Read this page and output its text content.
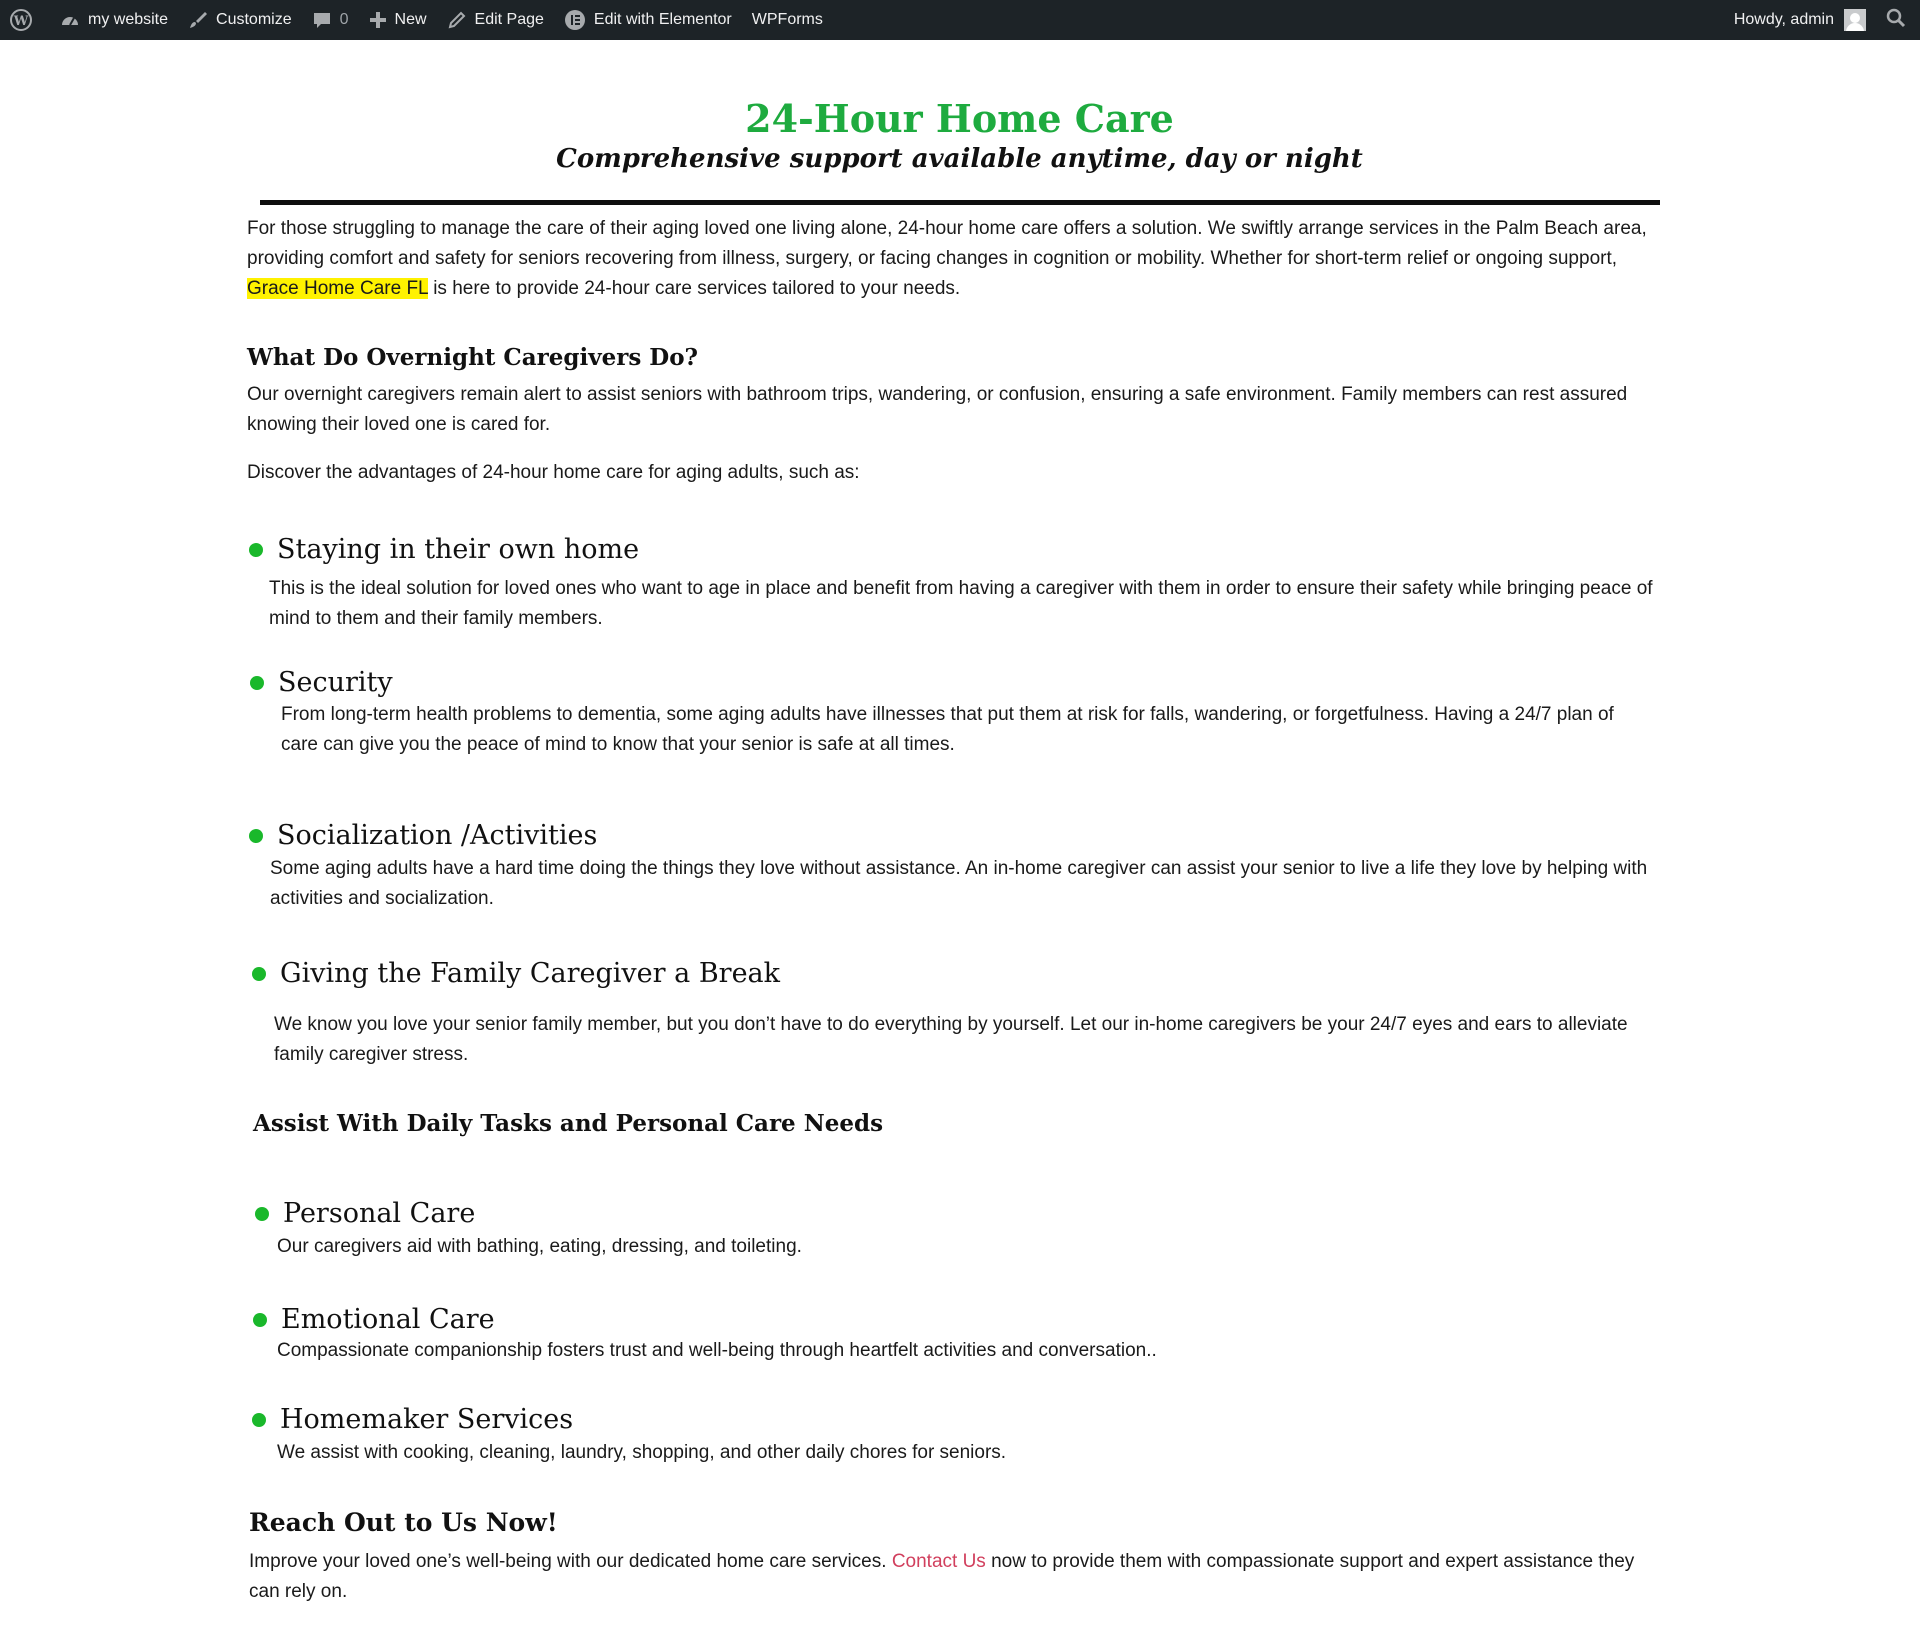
W	my website	Customize	0	New	Edit Page	Edit with Elementor WPForms	Howdy, admin
24-Hour Home Care
Comprehensive support available anytime, day or night

For those struggling to manage the care of their aging loved one living alone, 24-hour home care offers a solution. We swiftly arrange services in the Palm Beach area, providing comfort and safety for seniors recovering from illness, surgery, or facing changes in cognition or mobility. Whether for short-term relief or ongoing support, Grace Home Care FL is here to provide 24-hour care services tailored to your needs.

What Do Overnight Caregivers Do?

Our overnight caregivers remain alert to assist seniors with bathroom trips, wandering, or confusion, ensuring a safe environment. Family members can rest assured knowing their loved one is cared for.

Discover the advantages of 24-hour home care for aging adults, such as:

Staying in their own home

This is the ideal solution for loved ones who want to age in place and benefit from having a caregiver with them in order to ensure their safety while bringing peace of mind to them and their family members.

Security

From long-term health problems to dementia, some aging adults have illnesses that put them at risk for falls, wandering, or forgetfulness. Having a 24/7 plan of care can give you the peace of mind to know that your senior is safe at all times.

Socialization /Activities

Some aging adults have a hard time doing the things they love without assistance. An in-home caregiver can assist your senior to live a life they love by helping with activities and socialization.

Giving the Family Caregiver a Break

We know you love your senior family member, but you don’t have to do everything by yourself. Let our in-home caregivers be your 24/7 eyes and ears to alleviate family caregiver stress.

Assist With Daily Tasks and Personal Care Needs
Personal Care

Our caregivers aid with bathing, eating, dressing, and toileting.

Emotional Care

Compassionate companionship fosters trust and well-being through heartfelt activities and conversation..

Homemaker Services

We assist with cooking, cleaning, laundry, shopping, and other daily chores for seniors.

Reach Out to Us Now!

Improve your loved one’s well-being with our dedicated home care services. Contact Us now to provide them with compassionate support and expert assistance they can rely on.
